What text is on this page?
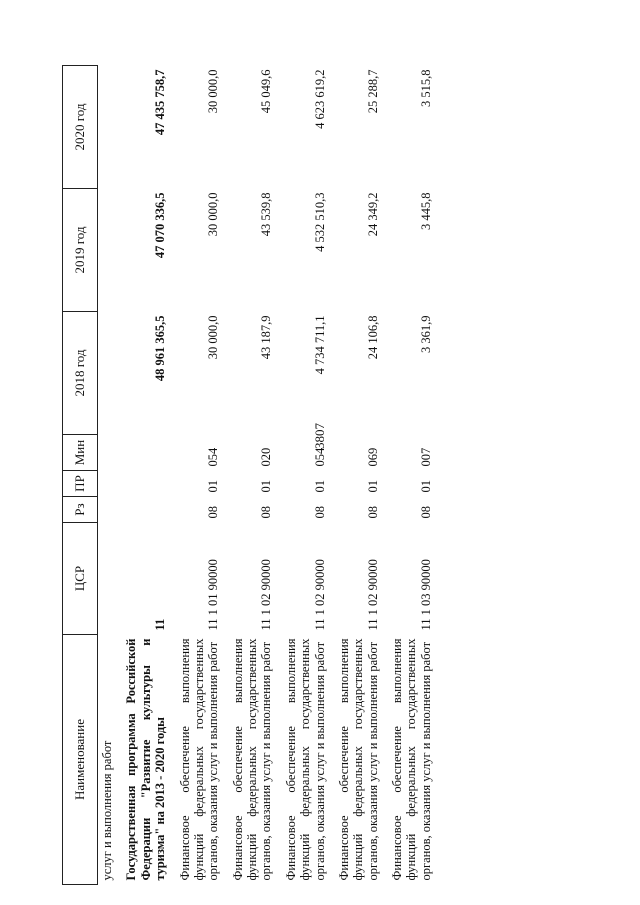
3807
Наименование	ЦСР	Рз	ПР	Мин	2018 год	2019 год	2020 год
услуг и выполнения работ							
Государственная программа Российской Федерации "Развитие культуры и туризма" на 2013 - 2020 годы	11				48 961 365,5	47 070 336,5	47 435 758,7
Финансовое обеспечение выполнения функций федеральных государственных органов, оказания услуг и выполнения работ	11 1 01 90000	08	01	054	30 000,0	30 000,0	30 000,0
Финансовое обеспечение выполнения функций федеральных государственных органов, оказания услуг и выполнения работ	11 1 02 90000	08	01	020	43 187,9	43 539,8	45 049,6
Финансовое обеспечение выполнения функций федеральных государственных органов, оказания услуг и выполнения работ	11 1 02 90000	08	01	054	4 734 711,1	4 532 510,3	4 623 619,2
Финансовое обеспечение выполнения функций федеральных государственных органов, оказания услуг и выполнения работ	11 1 02 90000	08	01	069	24 106,8	24 349,2	25 288,7
Финансовое обеспечение выполнения функций федеральных государственных органов, оказания услуг и выполнения работ	11 1 03 90000	08	01	007	3 361,9	3 445,8	3 515,8
